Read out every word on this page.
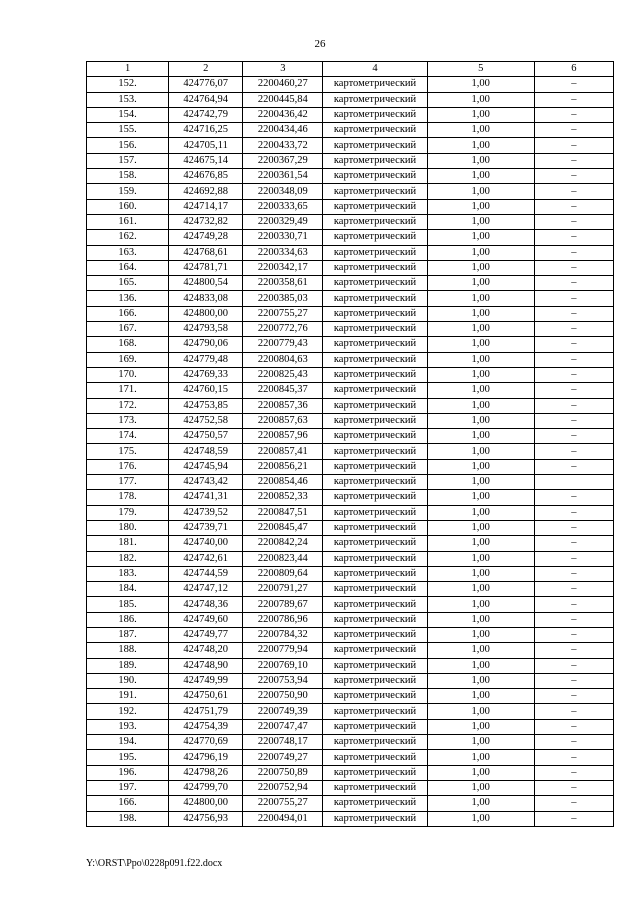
26
1	2	3	4	5	6
152.	424776,07	2200460,27	картометрический	1,00	–
153.	424764,94	2200445,84	картометрический	1,00	–
154.	424742,79	2200436,42	картометрический	1,00	–
155.	424716,25	2200434,46	картометрический	1,00	–
156.	424705,11	2200433,72	картометрический	1,00	–
157.	424675,14	2200367,29	картометрический	1,00	–
158.	424676,85	2200361,54	картометрический	1,00	–
159.	424692,88	2200348,09	картометрический	1,00	–
160.	424714,17	2200333,65	картометрический	1,00	–
161.	424732,82	2200329,49	картометрический	1,00	–
162.	424749,28	2200330,71	картометрический	1,00	–
163.	424768,61	2200334,63	картометрический	1,00	–
164.	424781,71	2200342,17	картометрический	1,00	–
165.	424800,54	2200358,61	картометрический	1,00	–
136.	424833,08	2200385,03	картометрический	1,00	–
166.	424800,00	2200755,27	картометрический	1,00	–
167.	424793,58	2200772,76	картометрический	1,00	–
168.	424790,06	2200779,43	картометрический	1,00	–
169.	424779,48	2200804,63	картометрический	1,00	–
170.	424769,33	2200825,43	картометрический	1,00	–
171.	424760,15	2200845,37	картометрический	1,00	–
172.	424753,85	2200857,36	картометрический	1,00	–
173.	424752,58	2200857,63	картометрический	1,00	–
174.	424750,57	2200857,96	картометрический	1,00	–
175.	424748,59	2200857,41	картометрический	1,00	–
176.	424745,94	2200856,21	картометрический	1,00	–
177.	424743,42	2200854,46	картометрический	1,00	
178.	424741,31	2200852,33	картометрический	1,00	–
179.	424739,52	2200847,51	картометрический	1,00	–
180.	424739,71	2200845,47	картометрический	1,00	–
181.	424740,00	2200842,24	картометрический	1,00	–
182.	424742,61	2200823,44	картометрический	1,00	–
183.	424744,59	2200809,64	картометрический	1,00	–
184.	424747,12	2200791,27	картометрический	1,00	–
185.	424748,36	2200789,67	картометрический	1,00	–
186.	424749,60	2200786,96	картометрический	1,00	–
187.	424749,77	2200784,32	картометрический	1,00	–
188.	424748,20	2200779,94	картометрический	1,00	–
189.	424748,90	2200769,10	картометрический	1,00	–
190.	424749,99	2200753,94	картометрический	1,00	–
191.	424750,61	2200750,90	картометрический	1,00	–
192.	424751,79	2200749,39	картометрический	1,00	–
193.	424754,39	2200747,47	картометрический	1,00	–
194.	424770,69	2200748,17	картометрический	1,00	–
195.	424796,19	2200749,27	картометрический	1,00	–
196.	424798,26	2200750,89	картометрический	1,00	–
197.	424799,70	2200752,94	картометрический	1,00	–
166.	424800,00	2200755,27	картометрический	1,00	–
198.	424756,93	2200494,01	картометрический	1,00	–
Y:\ORST\Ppo\0228p091.f22.docx
